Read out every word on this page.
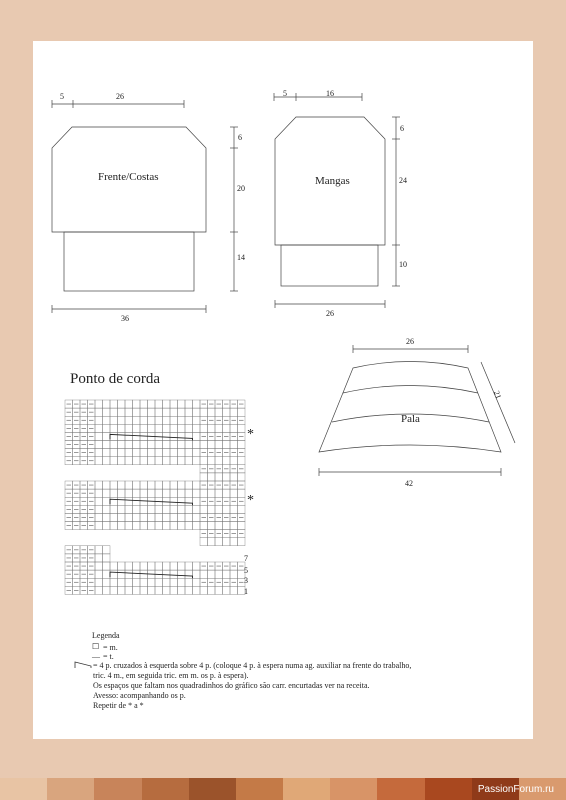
Frente/Costas
5	26
6
20
14
36
Mangas
5	16
6
24
10
26
Pala
26
21
42
Ponto de corda
*
*
7
5
3
1
Legenda
☐ = m.
— = t.
= 4 p. cruzados à esquerda sobre 4 p. (coloque 4 p. à espera numa ag. auxiliar na frente do trabalho,
tric. 4 m., em seguida tric. em m. os p. à espera).
Os espaços que faltam nos quadradinhos do gráfico são carr. encurtadas ver na receita.
Avesso: acompanhando os p.
Repetir de * a *
PassionForum.ru
